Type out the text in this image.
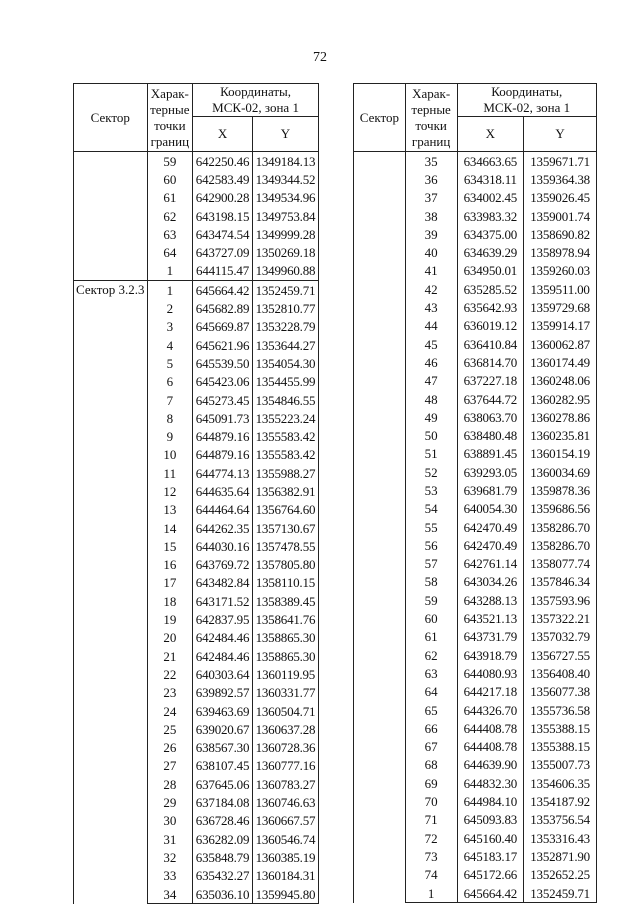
72
Сектор	Харак-
терные
точки
границ	Координаты,
МСК-02, зона 1	
		X	Y
	59	642250.46	1349184.13
	60	642583.49	1349344.52
	61	642900.28	1349534.96
	62	643198.15	1349753.84
	63	643474.54	1349999.28
	64	643727.09	1350269.18
	1	644115.47	1349960.88
Сектор 3.2.3	1	645664.42	1352459.71
	2	645682.89	1352810.77
	3	645669.87	1353228.79
	4	645621.96	1353644.27
	5	645539.50	1354054.30
	6	645423.06	1354455.99
	7	645273.45	1354846.55
	8	645091.73	1355223.24
	9	644879.16	1355583.42
	10	644879.16	1355583.42
	11	644774.13	1355988.27
	12	644635.64	1356382.91
	13	644464.64	1356764.60
	14	644262.35	1357130.67
	15	644030.16	1357478.55
	16	643769.72	1357805.80
	17	643482.84	1358110.15
	18	643171.52	1358389.45
	19	642837.95	1358641.76
	20	642484.46	1358865.30
	21	642484.46	1358865.30
	22	640303.64	1360119.95
	23	639892.57	1360331.77
	24	639463.69	1360504.71
	25	639020.67	1360637.28
	26	638567.30	1360728.36
	27	638107.45	1360777.16
	28	637645.06	1360783.27
	29	637184.08	1360746.63
	30	636728.46	1360667.57
	31	636282.09	1360546.74
	32	635848.79	1360385.19
	33	635432.27	1360184.31
	34	635036.10	1359945.80
Сектор	Харак-
терные
точки
границ	Координаты,
МСК-02, зона 1	
		X	Y
	35	634663.65	1359671.71
	36	634318.11	1359364.38
	37	634002.45	1359026.45
	38	633983.32	1359001.74
	39	634375.00	1358690.82
	40	634639.29	1358978.94
	41	634950.01	1359260.03
	42	635285.52	1359511.00
	43	635642.93	1359729.68
	44	636019.12	1359914.17
	45	636410.84	1360062.87
	46	636814.70	1360174.49
	47	637227.18	1360248.06
	48	637644.72	1360282.95
	49	638063.70	1360278.86
	50	638480.48	1360235.81
	51	638891.45	1360154.19
	52	639293.05	1360034.69
	53	639681.79	1359878.36
	54	640054.30	1359686.56
	55	642470.49	1358286.70
	56	642470.49	1358286.70
	57	642761.14	1358077.74
	58	643034.26	1357846.34
	59	643288.13	1357593.96
	60	643521.13	1357322.21
	61	643731.79	1357032.79
	62	643918.79	1356727.55
	63	644080.93	1356408.40
	64	644217.18	1356077.38
	65	644326.70	1355736.58
	66	644408.78	1355388.15
	67	644408.78	1355388.15
	68	644639.90	1355007.73
	69	644832.30	1354606.35
	70	644984.10	1354187.92
	71	645093.83	1353756.54
	72	645160.40	1353316.43
	73	645183.17	1352871.90
	74	645172.66	1352652.25
	1	645664.42	1352459.71
